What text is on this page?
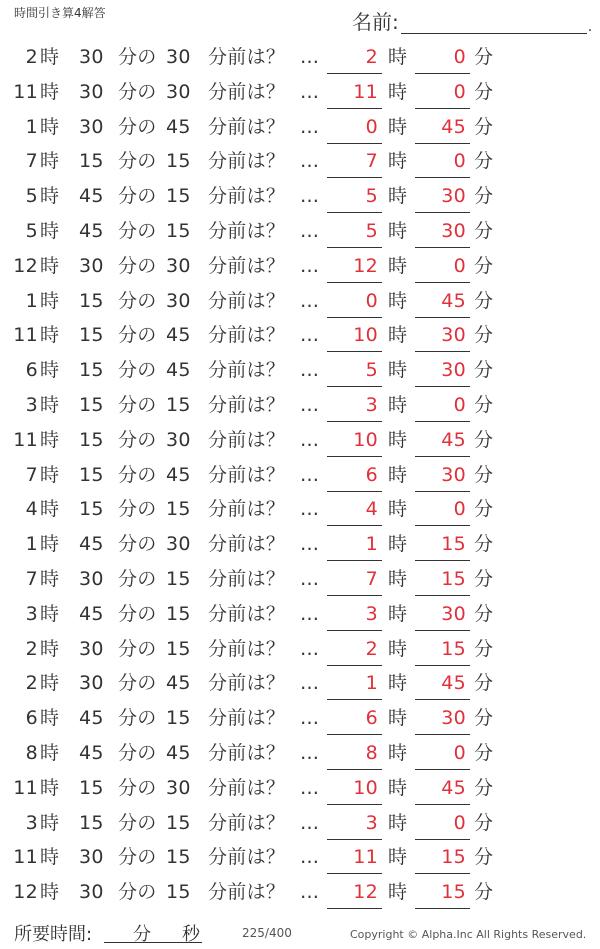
時間引き算4解答	名前:	.
2 時 30 分の 30 分前は？ …	2 時	0 分
11 時 30 分の 30 分前は？ …	11 時	0 分
1 時 30 分の 45 分前は？ …	0 時	45 分
7 時 15 分の 15 分前は？ …	7 時	0 分
5 時 45 分の 15 分前は？ …	5 時	30 分
5 時 45 分の 15 分前は？ …	5 時	30 分
12 時 30 分の 30 分前は？ …	12 時	0 分
1 時 15 分の 30 分前は？ …	0 時	45 分
11 時 15 分の 45 分前は？ …	10 時	30 分
6 時 15 分の 45 分前は？ …	5 時	30 分
3 時 15 分の 15 分前は？ …	3 時	0 分
11 時 15 分の 30 分前は？ …	10 時	45 分
7 時 15 分の 45 分前は？ …	6 時	30 分
4 時 15 分の 15 分前は？ …	4 時	0 分
1 時 45 分の 30 分前は？ …	1 時	15 分
7 時 30 分の 15 分前は？ …	7 時	15 分
3 時 45 分の 15 分前は？ …	3 時	30 分
2 時 30 分の 15 分前は？ …	2 時	15 分
2 時 30 分の 45 分前は？ …	1 時	45 分
6 時 45 分の 15 分前は？ …	6 時	30 分
8 時 45 分の 45 分前は？ …	8 時	0 分
11 時 15 分の 30 分前は？ …	10 時	45 分
3 時 15 分の 15 分前は？ …	3 時	0 分
11 時 30 分の 15 分前は？ …	11 時	15 分
12 時 30 分の 15 分前は？ …	12 時	15 分
所要時間: 分 秒	225/400	Copyright © Alpha.Inc All Rights Reserved.
